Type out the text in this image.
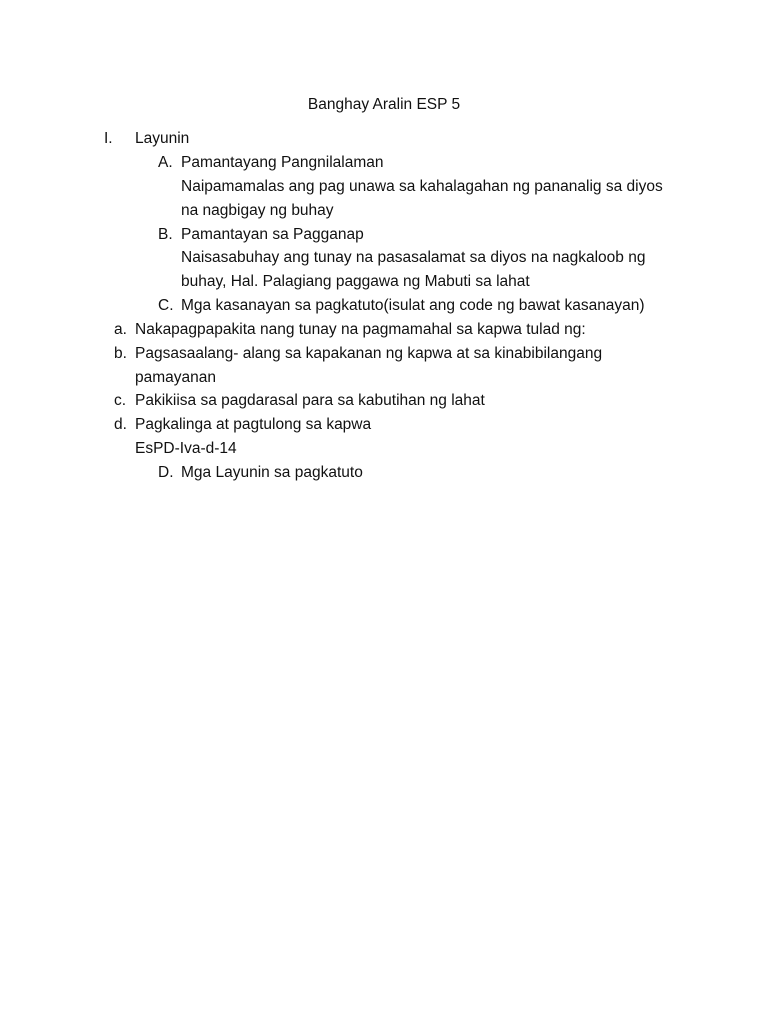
Banghay Aralin ESP 5
I. Layunin
A. Pamantayang Pangnilalaman
Naipamamalas ang pag unawa sa kahalagahan ng pananalig sa diyos
na nagbigay ng buhay
B. Pamantayan sa Pagganap
Naisasabuhay ang tunay na pasasalamat sa diyos na nagkaloob ng
buhay, Hal. Palagiang paggawa ng Mabuti sa lahat
C. Mga kasanayan sa pagkatuto(isulat ang code ng bawat kasanayan)
a. Nakapagpapakita nang tunay na pagmamahal sa kapwa tulad ng:
b. Pagsasaalang- alang sa kapakanan ng kapwa at sa kinabibilangang
pamayanan
c. Pakikiisa sa pagdarasal para sa kabutihan ng lahat
d. Pagkalinga at pagtulong sa kapwa
EsPD-Iva-d-14
D. Mga Layunin sa pagkatuto
